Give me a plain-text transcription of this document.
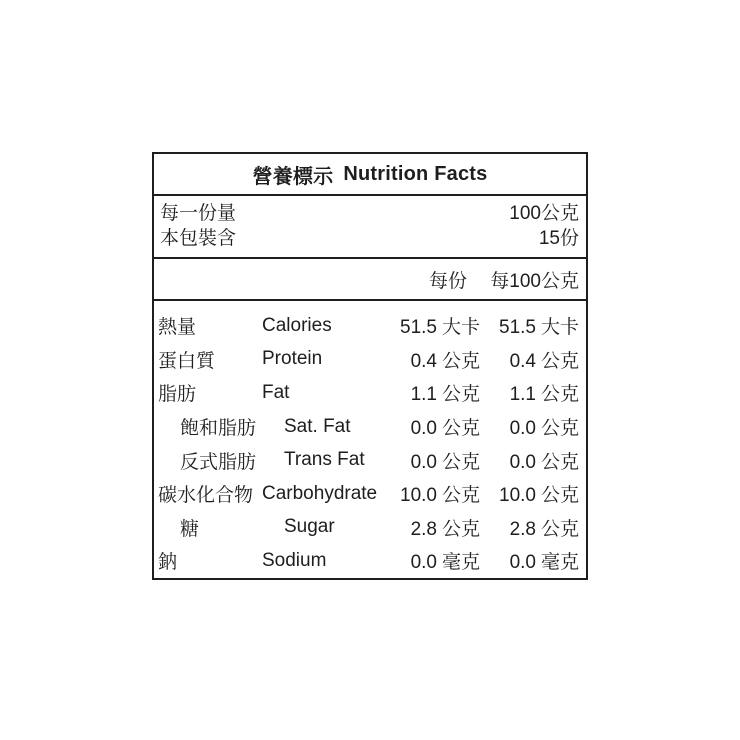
營養標示 Nutrition Facts
每一份量	100公克
本包裝含	15份
每份	每100公克
熱量	Calories	51.5 大卡	51.5 大卡
蛋白質	Protein	0.4 公克	0.4 公克
脂肪	Fat	1.1 公克	1.1 公克
飽和脂肪	Sat. Fat	0.0 公克	0.0 公克
反式脂肪	Trans Fat	0.0 公克	0.0 公克
碳水化合物 Carbohydrate	10.0 公克	10.0 公克
糖	Sugar	2.8 公克	2.8 公克
鈉	Sodium	0.0 毫克	0.0 毫克
